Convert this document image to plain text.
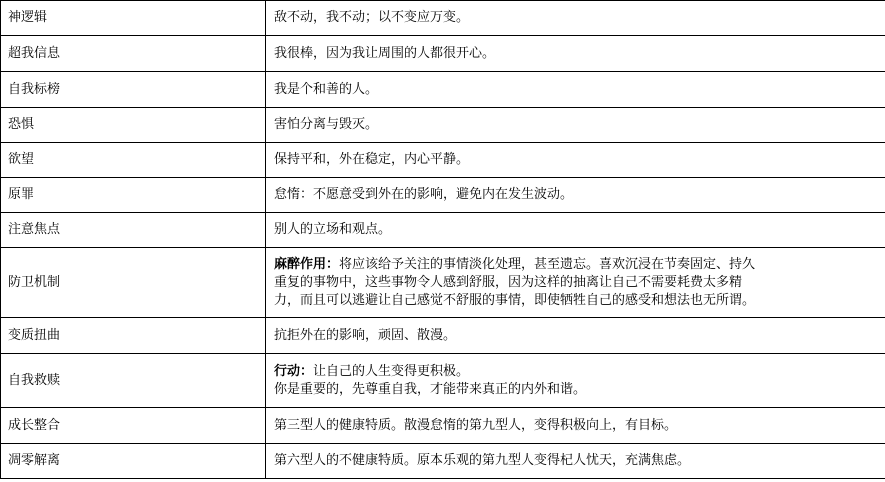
神逻辑	敌不动，我不动；以不变应万变。
超我信息	我很棒，因为我让周围的人都很开心。
自我标榜	我是个和善的人。
恐惧	害怕分离与毁灭。
欲望	保持平和，外在稳定，内心平静。
原罪	怠惰：不愿意受到外在的影响，避免内在发生波动。
注意焦点	别人的立场和观点。
防卫机制	麻醉作用：将应该给予关注的事情淡化处理，甚至遗忘。喜欢沉浸在节奏固定、持久
重复的事物中，这些事物令人感到舒服，因为这样的抽离让自己不需要耗费太多精
力，而且可以逃避让自己感觉不舒服的事情，即使牺牲自己的感受和想法也无所谓。

变质扭曲	抗拒外在的影响，顽固、散漫。
自我救赎	行动：让自己的人生变得更积极。
你是重要的，先尊重自我，才能带来真正的内外和谐。

成长整合	第三型人的健康特质。散漫怠惰的第九型人，变得积极向上，有目标。
凋零解离	第六型人的不健康特质。原本乐观的第九型人变得杞人忧天，充满焦虑。
